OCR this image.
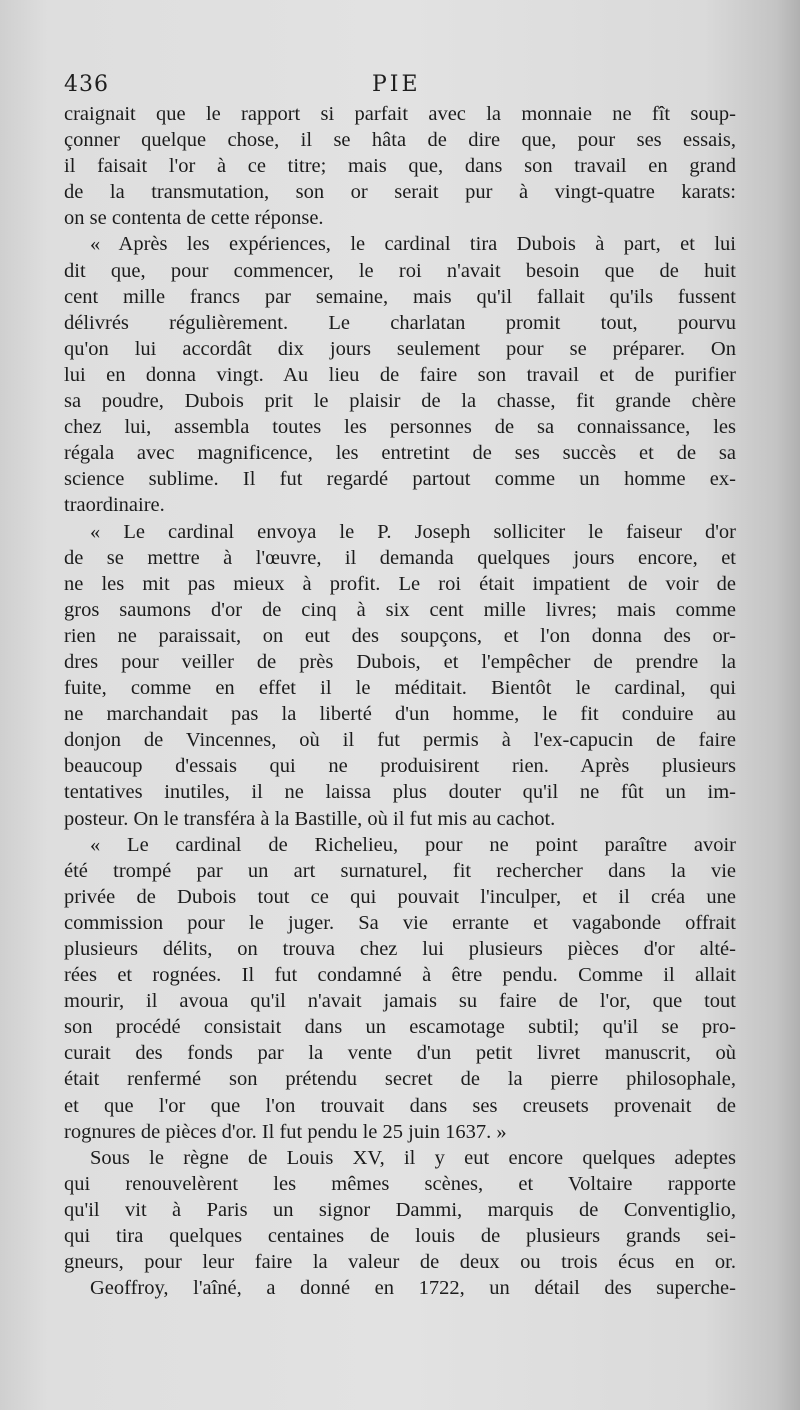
436	PIE
craignait que le rapport si parfait avec la monnaie ne fît soup-
çonner quelque chose, il se hâta de dire que, pour ses essais,
il faisait l'or à ce titre; mais que, dans son travail en grand
de la transmutation, son or serait pur à vingt-quatre karats:
on se contenta de cette réponse.
« Après les expériences, le cardinal tira Dubois à part, et lui
dit que, pour commencer, le roi n'avait besoin que de huit
cent mille francs par semaine, mais qu'il fallait qu'ils fussent
délivrés régulièrement. Le charlatan promit tout, pourvu
qu'on lui accordât dix jours seulement pour se préparer. On
lui en donna vingt. Au lieu de faire son travail et de purifier
sa poudre, Dubois prit le plaisir de la chasse, fit grande chère
chez lui, assembla toutes les personnes de sa connaissance, les
régala avec magnificence, les entretint de ses succès et de sa
science sublime. Il fut regardé partout comme un homme ex-
traordinaire.
« Le cardinal envoya le P. Joseph solliciter le faiseur d'or
de se mettre à l'œuvre, il demanda quelques jours encore, et
ne les mit pas mieux à profit. Le roi était impatient de voir de
gros saumons d'or de cinq à six cent mille livres; mais comme
rien ne paraissait, on eut des soupçons, et l'on donna des or-
dres pour veiller de près Dubois, et l'empêcher de prendre la
fuite, comme en effet il le méditait. Bientôt le cardinal, qui
ne marchandait pas la liberté d'un homme, le fit conduire au
donjon de Vincennes, où il fut permis à l'ex-capucin de faire
beaucoup d'essais qui ne produisirent rien. Après plusieurs
tentatives inutiles, il ne laissa plus douter qu'il ne fût un im-
posteur. On le transféra à la Bastille, où il fut mis au cachot.
« Le cardinal de Richelieu, pour ne point paraître avoir
été trompé par un art surnaturel, fit rechercher dans la vie
privée de Dubois tout ce qui pouvait l'inculper, et il créa une
commission pour le juger. Sa vie errante et vagabonde offrait
plusieurs délits, on trouva chez lui plusieurs pièces d'or alté-
rées et rognées. Il fut condamné à être pendu. Comme il allait
mourir, il avoua qu'il n'avait jamais su faire de l'or, que tout
son procédé consistait dans un escamotage subtil; qu'il se pro-
curait des fonds par la vente d'un petit livret manuscrit, où
était renfermé son prétendu secret de la pierre philosophale,
et que l'or que l'on trouvait dans ses creusets provenait de
rognures de pièces d'or. Il fut pendu le 25 juin 1637. »
Sous le règne de Louis XV, il y eut encore quelques adeptes
qui renouvelèrent les mêmes scènes, et Voltaire rapporte
qu'il vit à Paris un signor Dammi, marquis de Conventiglio,
qui tira quelques centaines de louis de plusieurs grands sei-
gneurs, pour leur faire la valeur de deux ou trois écus en or.
Geoffroy, l'aîné, a donné en 1722, un détail des superche-
